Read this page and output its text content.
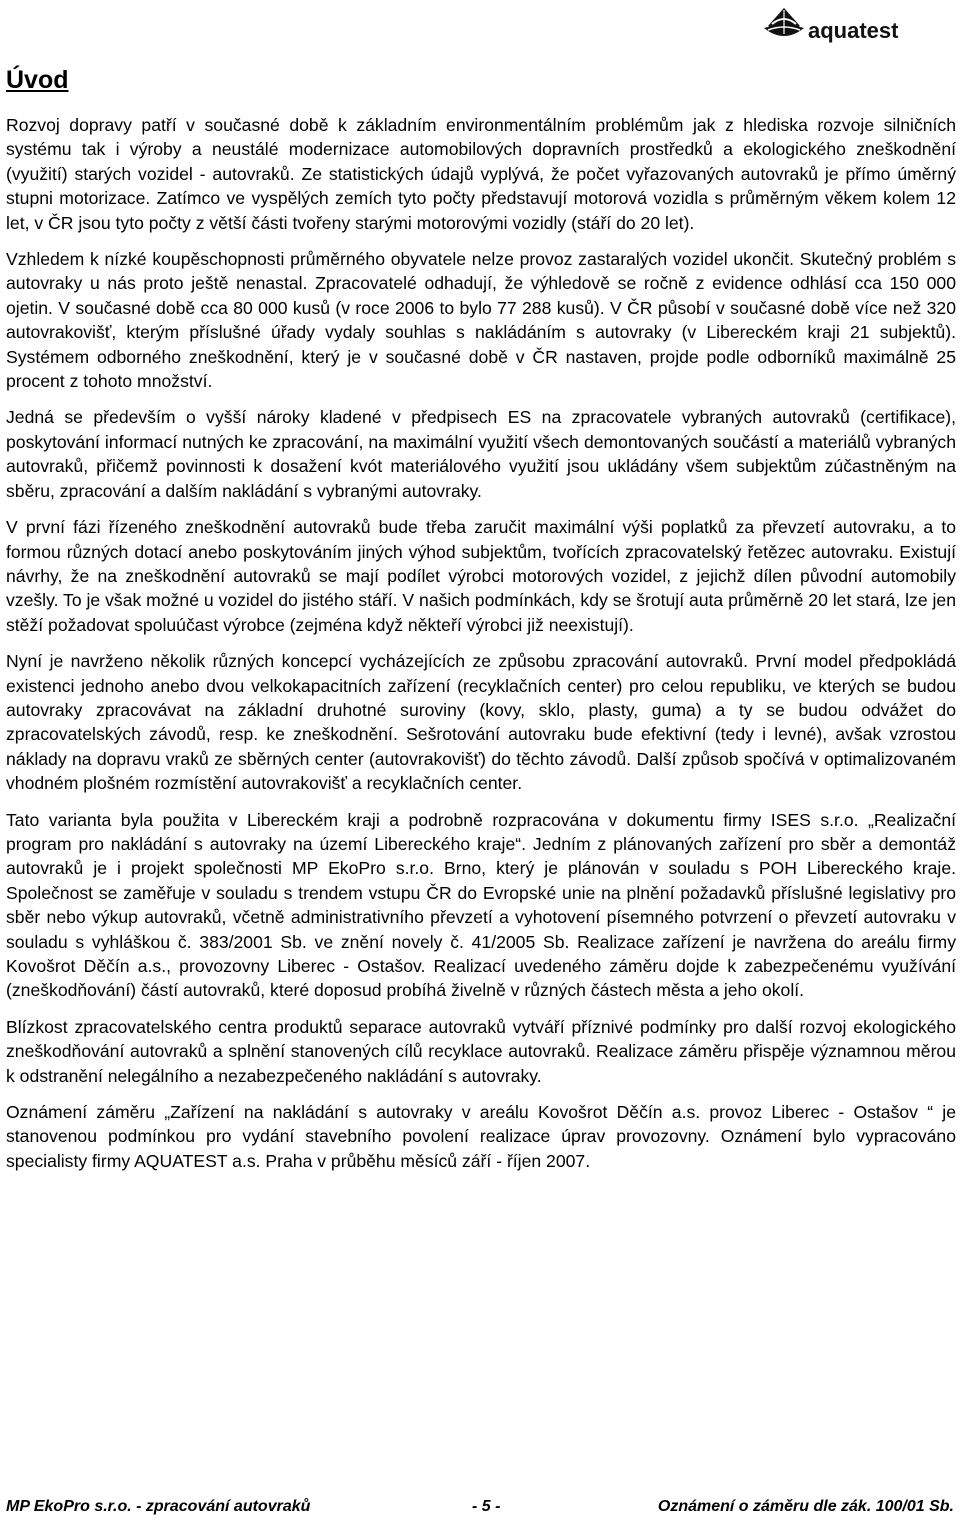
aquatest
Úvod

Rozvoj dopravy patří v současné době k základním environmentálním problémům jak z hlediska rozvoje silničních systému tak i výroby a neustálé modernizace automobilových dopravních prostředků a ekologického zneškodnění (využití) starých vozidel - autovraků. Ze statistických údajů vyplývá, že počet vyřazovaných autovraků je přímo úměrný stupni motorizace. Zatímco ve vyspělých zemích tyto počty představují motorová vozidla s průměrným věkem kolem 12 let, v ČR jsou tyto počty z větší části tvořeny starými motorovými vozidly (stáří do 20 let).

Vzhledem k nízké koupěschopnosti průměrného obyvatele nelze provoz zastaralých vozidel ukončit. Skutečný problém s autovraky u nás proto ještě nenastal. Zpracovatelé odhadují, že výhledově se ročně z evidence odhlásí cca 150 000 ojetin. V současné době cca 80 000 kusů (v roce 2006 to bylo 77 288 kusů). V ČR působí v současné době více než 320 autovrakovišť, kterým příslušné úřady vydaly souhlas s nakládáním s autovraky (v Libereckém kraji 21 subjektů). Systémem odborného zneškodnění, který je v současné době v ČR nastaven, projde podle odborníků maximálně 25 procent z tohoto množství.

Jedná se především o vyšší nároky kladené v předpisech ES na zpracovatele vybraných autovraků (certifikace), poskytování informací nutných ke zpracování, na maximální využití všech demontovaných součástí a materiálů vybraných autovraků, přičemž povinnosti k dosažení kvót materiálového využití jsou ukládány všem subjektům zúčastněným na sběru, zpracování a dalším nakládání s vybranými autovraky.

V první fázi řízeného zneškodnění autovraků bude třeba zaručit maximální výši poplatků za převzetí autovraku, a to formou různých dotací anebo poskytováním jiných výhod subjektům, tvořících zpracovatelský řetězec autovraku. Existují návrhy, že na zneškodnění autovraků se mají podílet výrobci motorových vozidel, z jejichž dílen původní automobily vzešly. To je však možné u vozidel do jistého stáří. V našich podmínkách, kdy se šrotují auta průměrně 20 let stará, lze jen stěží požadovat spoluúčast výrobce (zejména když někteří výrobci již neexistují).

Nyní je navrženo několik různých koncepcí vycházejících ze způsobu zpracování autovraků. První model předpokládá existenci jednoho anebo dvou velkokapacitních zařízení (recyklačních center) pro celou republiku, ve kterých se budou autovraky zpracovávat na základní druhotné suroviny (kovy, sklo, plasty, guma) a ty se budou odvážet do zpracovatelských závodů, resp. ke zneškodnění. Sešrotování autovraku bude efektivní (tedy i levné), avšak vzrostou náklady na dopravu vraků ze sběrných center (autovrakovišť) do těchto závodů. Další způsob spočívá v optimalizovaném vhodném plošném rozmístění autovrakovišť a recyklačních center.

Tato varianta byla použita v Libereckém kraji a podrobně rozpracována v dokumentu firmy ISES s.r.o. „Realizační program pro nakládání s autovraky na území Libereckého kraje“. Jedním z plánovaných zařízení pro sběr a demontáž autovraků je i projekt společnosti MP EkoPro s.r.o. Brno, který je plánován v souladu s POH Libereckého kraje. Společnost se zaměřuje v souladu s trendem vstupu ČR do Evropské unie na plnění požadavků příslušné legislativy pro sběr nebo výkup autovraků, včetně administrativního převzetí a vyhotovení písemného potvrzení o převzetí autovraku v souladu s vyhláškou č. 383/2001 Sb. ve znění novely č. 41/2005 Sb. Realizace zařízení je navržena do areálu firmy Kovošrot Děčín a.s., provozovny Liberec - Ostašov. Realizací uvedeného záměru dojde k zabezpečenému využívání (zneškodňování) částí autovraků, které doposud probíhá živelně v různých částech města a jeho okolí.

Blízkost zpracovatelského centra produktů separace autovraků vytváří příznivé podmínky pro další rozvoj ekologického zneškodňování autovraků a splnění stanovených cílů recyklace autovraků. Realizace záměru přispěje významnou měrou k odstranění nelegálního a nezabezpečeného nakládání s autovraky.

Oznámení záměru „Zařízení na nakládání s autovraky v areálu Kovošrot Děčín a.s. provoz Liberec - Ostašov “ je stanovenou podmínkou pro vydání stavebního povolení realizace úprav provozovny. Oznámení bylo vypracováno specialisty firmy AQUATEST a.s. Praha v průběhu měsíců září - říjen 2007.

MP EkoPro s.r.o. - zpracování autovraků	- 5 -	Oznámení o záměru dle zák. 100/01 Sb.
